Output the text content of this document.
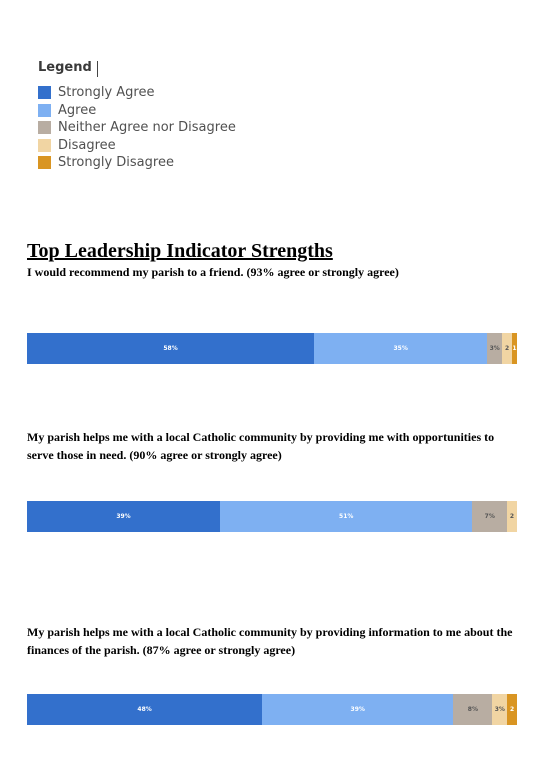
Legend
Strongly Agree
Agree
Neither Agree nor Disagree
Disagree
Strongly Disagree
Top Leadership Indicator Strengths

I would recommend my parish to a friend. (93% agree or strongly agree)

58%	35%	3% 2 1

My parish helps me with a local Catholic community by providing me with opportunities to serve those in need. (90% agree or strongly agree)

39%	51%	7%	2

My parish helps me with a local Catholic community by providing information to me about the finances of the parish. (87% agree or strongly agree)

48%	39%	8%	3% 2
